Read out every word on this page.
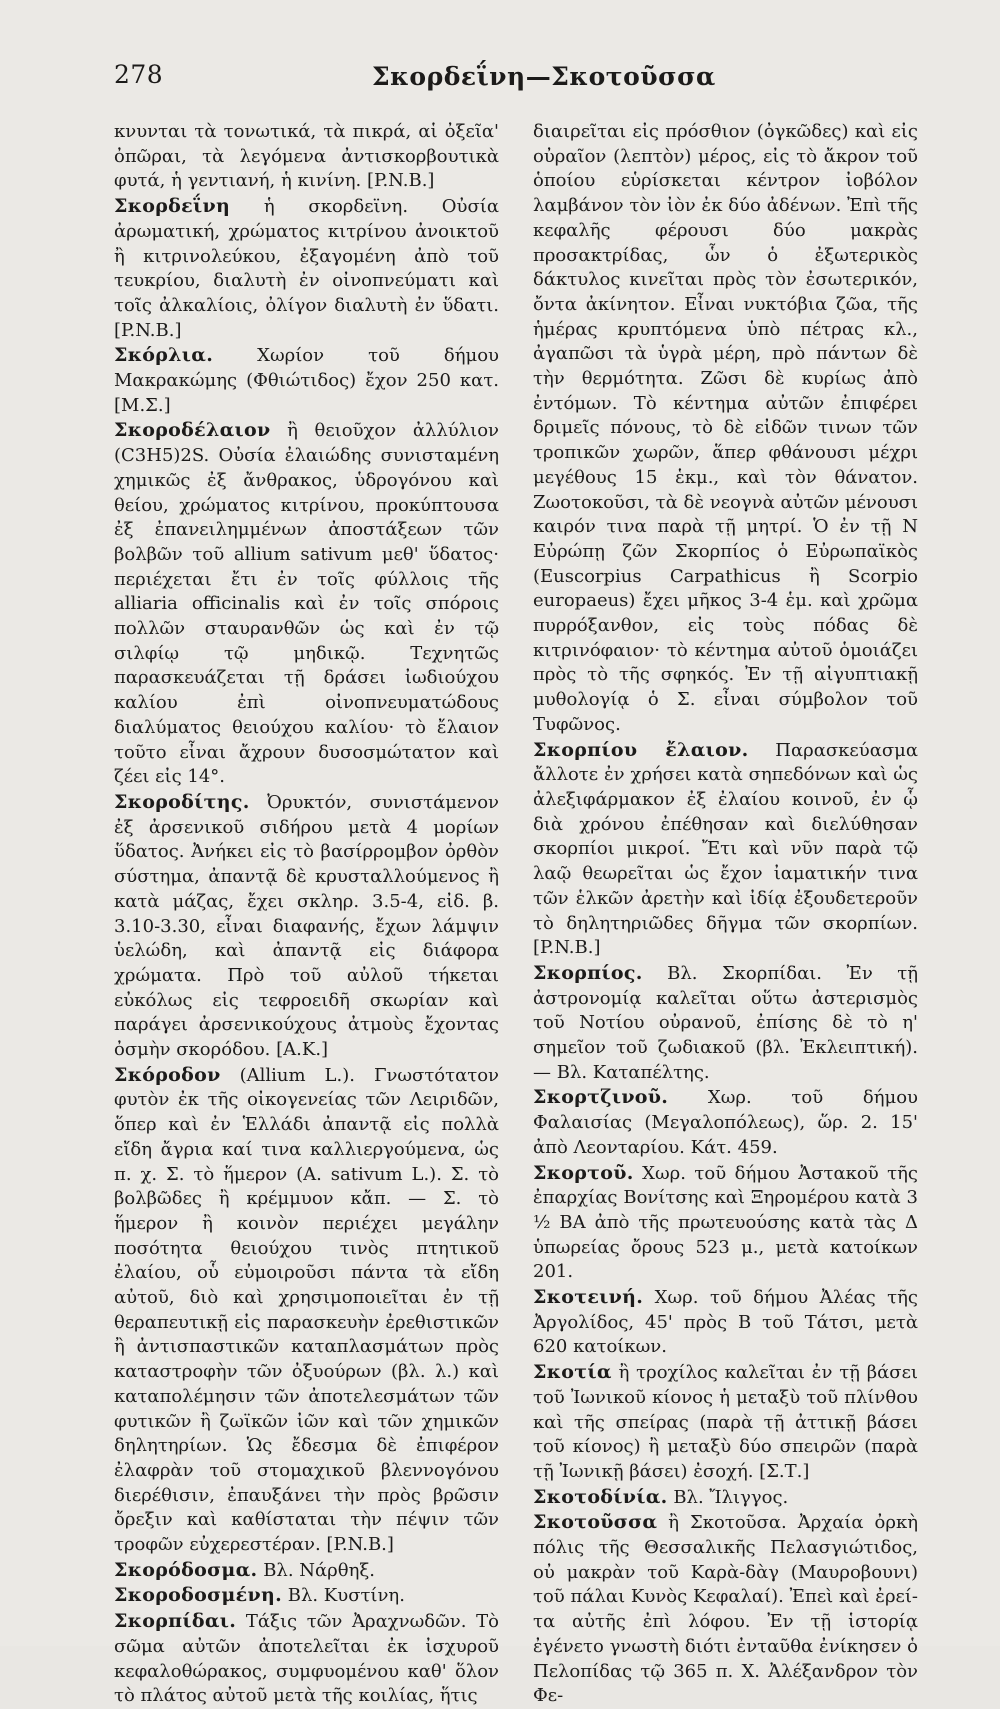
278	Σκορδεΐνη—Σκοτοῦσσα

κνυνται τὰ τονωτικά, τὰ πικρά, αἱ ὀξεῖα' ὀπῶραι, τὰ λεγόμενα ἀντισκορβουτικὰ φυτά, ἡ γεντιανή, ἡ κινίνη. [P.N.B.]

Σκορδεΐνη ἡ σκορδεϊνη. Οὐσία ἀρωματική, χρώματος κιτρίνου ἀνοικτοῦ ἢ κιτρινολεύκου, ἐξαγομένη ἀπὸ τοῦ τευκρίου, διαλυτὴ ἐν οἰνοπνεύματι καὶ τοῖς ἀλκαλίοις, ὀλίγον διαλυτὴ ἐν ὕδατι. [P.N.B.]

Σκόρλια. Χωρίον τοῦ δήμου Μακρακώμης (Φθιώτιδος) ἔχον 250 κατ. [Μ.Σ.]

Σκοροδέλαιον ἢ θειοῦχον ἀλλύλιον (C3H5)2S. Οὐσία ἐλαιώδης συνισταμένη χημικῶς ἐξ ἄνθρακος, ὑδρογόνου καὶ θείου, χρώματος κιτρίνου, προκύπτουσα ἐξ ἐπανειλημμένων ἀποστάξεων τῶν βολβῶν τοῦ allium sativum μεθ' ὕδατος· περιέχεται ἔτι ἐν τοῖς φύλλοις τῆς alliaria officinalis καὶ ἐν τοῖς σπόροις πολλῶν σταυρανθῶν ὡς καὶ ἐν τῷ σιλφίῳ τῷ μηδικῷ. Τεχνητῶς παρασκευάζεται τῇ δράσει ἰωδιούχου καλίου ἐπὶ οἰνοπνευματώδους διαλύματος θειούχου καλίου· τὸ ἔλαιον τοῦτο εἶναι ἄχρουν δυσοσμώτατον καὶ ζέει εἰς 14°.

Σκοροδίτης. Ὀρυκτόν, συνιστάμενον ἐξ ἀρσενικοῦ σιδήρου μετὰ 4 μορίων ὕδατος. Ἀνήκει εἰς τὸ βασίρρομβον ὀρθὸν σύστημα, ἀπαντᾷ δὲ κρυσταλλούμενος ἢ κατὰ μάζας, ἔχει σκληρ. 3.5-4, εἰδ. β. 3.10-3.30, εἶναι διαφανής, ἔχων λάμψιν ὑελώδη, καὶ ἀπαντᾷ εἰς διάφορα χρώματα. Πρὸ τοῦ αὐλοῦ τήκεται εὐκόλως εἰς τεφροειδῆ σκωρίαν καὶ παράγει ἀρσενικούχους ἀτμοὺς ἔχοντας ὀσμὴν σκορόδου. [Α.Κ.]

Σκόροδον (Allium L.). Γνωστότατον φυτὸν ἐκ τῆς οἰκογενείας τῶν Λειριδῶν, ὅπερ καὶ ἐν Ἑλλάδι ἀπαντᾷ εἰς πολλὰ εἴδη ἄγρια καί τινα καλλιεργούμενα, ὡς π. χ. Σ. τὸ ἥμερον (A. sativum L.). Σ. τὸ βολβῶδες ἢ κρέμμυον κἄπ. — Σ. τὸ ἥμερον ἢ κοινὸν περιέχει μεγάλην ποσότητα θειούχου τινὸς πτητικοῦ ἐλαίου, οὗ εὐμοιροῦσι πάντα τὰ εἴδη αὐτοῦ, διὸ καὶ χρησιμοποιεῖται ἐν τῇ θεραπευτικῇ εἰς παρασκευὴν ἐρεθιστικῶν ἢ ἀντισπαστικῶν καταπλασμάτων πρὸς καταστροφὴν τῶν ὀξυούρων (βλ. λ.) καὶ καταπολέμησιν τῶν ἀποτελεσμάτων τῶν φυτικῶν ἢ ζωϊκῶν ἰῶν καὶ τῶν χημικῶν δηλητηρίων. Ὡς ἔδεσμα δὲ ἐπιφέρον ἐλαφρὰν τοῦ στομαχικοῦ βλεννογόνου διερέθισιν, ἐπαυξάνει τὴν πρὸς βρῶσιν ὄρεξιν καὶ καθίσταται τὴν πέψιν τῶν τροφῶν εὐχερεστέραν. [P.N.B.]

Σκορόδοσμα. Βλ. Νάρθηξ.

Σκοροδοσμένη. Βλ. Κυστίνη.

Σκορπίδαι. Τάξις τῶν Ἀραχνωδῶν. Τὸ σῶμα αὐτῶν ἀποτελεῖται ἐκ ἰσχυροῦ κεφαλοθώρακος, συμφυομένου καθ' ὅλον τὸ πλάτος αὐτοῦ μετὰ τῆς κοιλίας, ἥτις

διαιρεῖται εἰς πρόσθιον (ὀγκῶδες) καὶ εἰς οὐραῖον (λεπτὸν) μέρος, εἰς τὸ ἄκρον τοῦ ὁποίου εὑρίσκεται κέντρον ἰοβόλον λαμβάνον τὸν ἰὸν ἐκ δύο ἀδένων. Ἐπὶ τῆς κεφαλῆς φέρουσι δύο μακρὰς προσακτρίδας, ὧν ὁ ἐξωτερικὸς δάκτυλος κινεῖται πρὸς τὸν ἐσωτερικόν, ὄντα ἀκίνητον. Εἶναι νυκτόβια ζῶα, τῆς ἡμέρας κρυπτόμενα ὑπὸ πέτρας κλ., ἀγαπῶσι τὰ ὑγρὰ μέρη, πρὸ πάντων δὲ τὴν θερμότητα. Ζῶσι δὲ κυρίως ἀπὸ ἐντόμων. Τὸ κέντημα αὐτῶν ἐπιφέρει δριμεῖς πόνους, τὸ δὲ εἰδῶν τινων τῶν τροπικῶν χωρῶν, ἅπερ φθάνουσι μέχρι μεγέθους 15 ἑκμ., καὶ τὸν θάνατον. Ζωοτοκοῦσι, τὰ δὲ νεογνὰ αὐτῶν μένουσι καιρόν τινα παρὰ τῇ μητρί. Ὁ ἐν τῇ Ν Εὐρώπῃ ζῶν Σκορπίος ὁ Εὐρωπαϊκὸς (Euscorpius Carpathicus ἢ Scorpio europaeus) ἔχει μῆκος 3-4 ἑμ. καὶ χρῶμα πυρρόξανθον, εἰς τοὺς πόδας δὲ κιτρινόφαιον· τὸ κέντημα αὐτοῦ ὁμοιάζει πρὸς τὸ τῆς σφηκός. Ἐν τῇ αἰγυπτιακῇ μυθολογίᾳ ὁ Σ. εἶναι σύμβολον τοῦ Τυφῶνος.

Σκορπίου ἔλαιον. Παρασκεύασμα ἄλλοτε ἐν χρήσει κατὰ σηπεδόνων καὶ ὡς ἀλεξιφάρμακον ἐξ ἐλαίου κοινοῦ, ἐν ᾧ διὰ χρόνου ἐπέθησαν καὶ διελύθησαν σκορπίοι μικροί. Ἔτι καὶ νῦν παρὰ τῷ λαῷ θεωρεῖται ὡς ἔχον ἰαματικήν τινα τῶν ἑλκῶν ἀρετὴν καὶ ἰδίᾳ ἐξουδετεροῦν τὸ δηλητηριῶδες δῆγμα τῶν σκορπίων. [P.N.B.]

Σκορπίος. Βλ. Σκορπίδαι. Ἐν τῇ ἀστρονομίᾳ καλεῖται οὕτω ἀστερισμὸς τοῦ Νοτίου οὐρανοῦ, ἐπίσης δὲ τὸ η' σημεῖον τοῦ ζωδιακοῦ (βλ. Ἐκλειπτική). — Βλ. Καταπέλτης.

Σκορτζινοῦ. Χωρ. τοῦ δήμου Φαλαισίας (Μεγαλοπόλεως), ὥρ. 2. 15' ἀπὸ Λεονταρίου. Κάτ. 459.

Σκορτοῦ. Χωρ. τοῦ δήμου Ἀστακοῦ τῆς ἐπαρχίας Βονίτσης καὶ Ξηρομέρου κατὰ 3 ½ ΒΑ ἀπὸ τῆς πρωτευούσης κατὰ τὰς Δ ὑπωρείας ὄρους 523 μ., μετὰ κατοίκων 201.

Σκοτεινή. Χωρ. τοῦ δήμου Ἀλέας τῆς Ἀργολίδος, 45' πρὸς Β τοῦ Τάτσι, μετὰ 620 κατοίκων.

Σκοτία ἢ τροχίλος καλεῖται ἐν τῇ βάσει τοῦ Ἰωνικοῦ κίονος ἡ μεταξὺ τοῦ πλίνθου καὶ τῆς σπείρας (παρὰ τῇ ἀττικῇ βάσει τοῦ κίονος) ἢ μεταξὺ δύο σπειρῶν (παρὰ τῇ Ἰωνικῇ βάσει) ἐσοχή. [Σ.Τ.]

Σκοτοδίνία. Βλ. Ἴλιγγος.

Σκοτοῦσσα ἢ Σκοτοῦσα. Ἀρχαία ὀρκὴ πόλις τῆς Θεσσαλικῆς Πελασγιώτιδος, οὐ μακρὰν τοῦ Καρὰ-δὰγ (Μαυροβουνι) τοῦ πάλαι Κυνὸς Κεφαλαί). Ἐπεὶ καὶ ἐρεί-τα αὐτῆς ἐπὶ λόφου. Ἐν τῇ ἱστορίᾳ ἐγένετο γνωστὴ διότι ἐνταῦθα ἐνίκησεν ὁ Πελοπίδας τῷ 365 π. Χ. Ἀλέξανδρον τὸν Φε-
